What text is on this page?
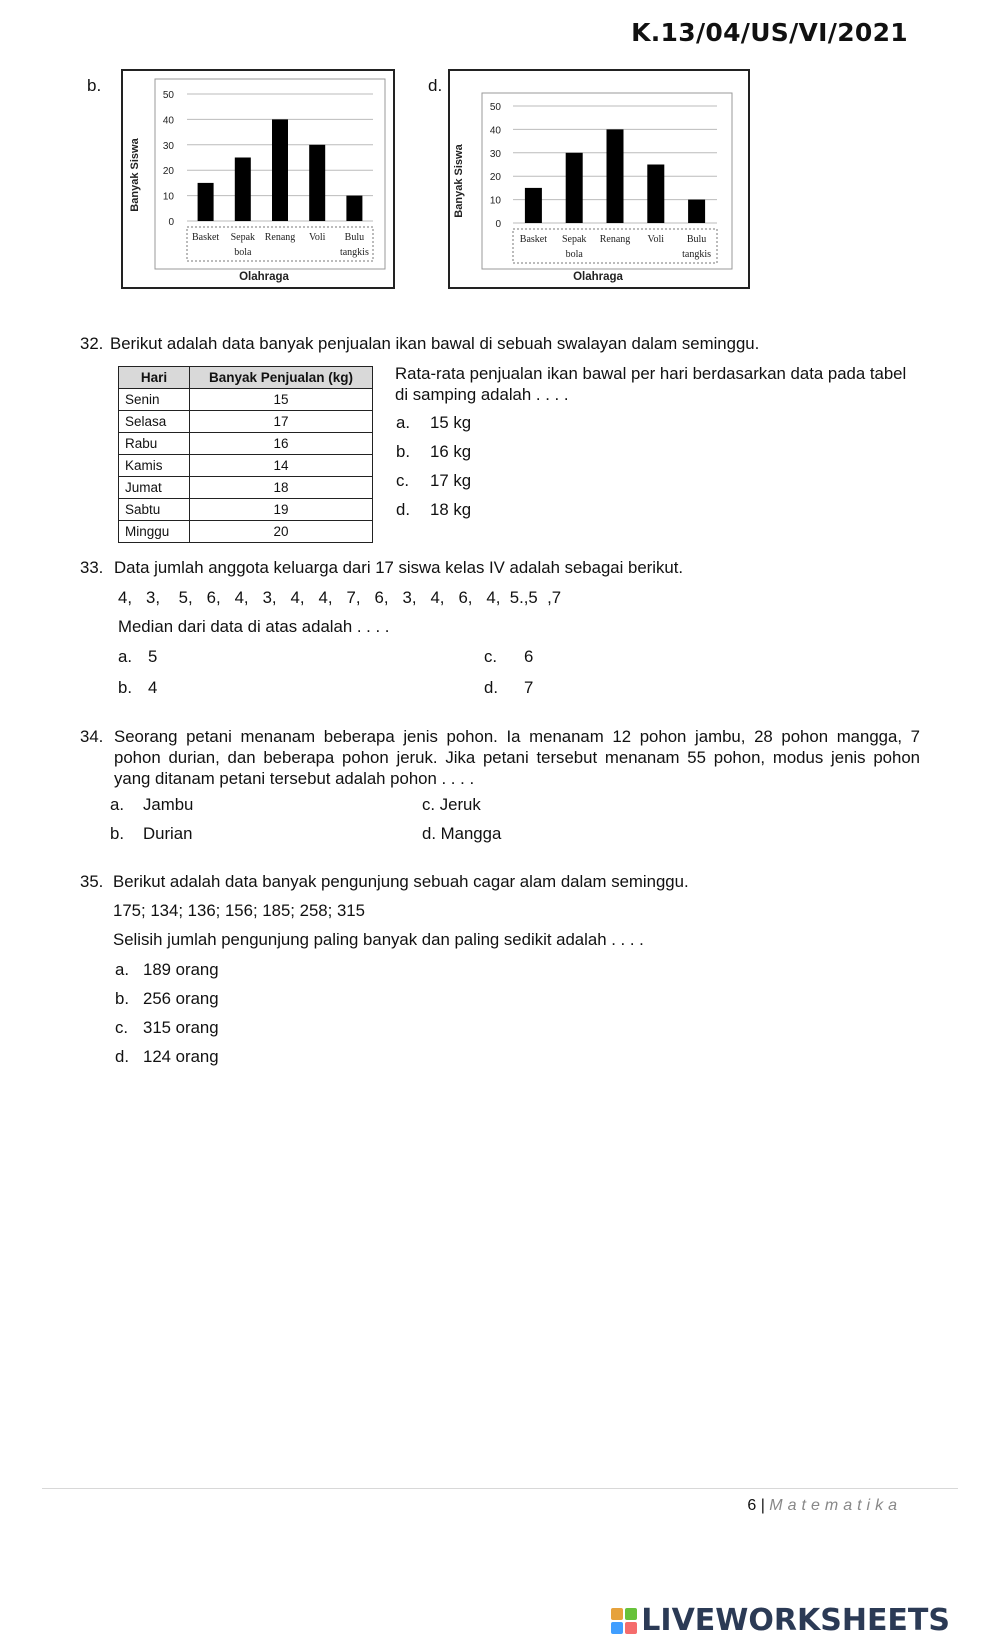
K.13/04/US/VI/2021
b.
0
10
20
30
40
50
Basket Sepak
bola
Renang Voli Bulu
tangkis
Banyak Siswa
Olahraga
d.
0
10
20
30
40
50
Basket Sepak
bola
Renang Voli Bulu
tangkis
Banyak Siswa
Olahraga
32. Berikut adalah data banyak penjualan ikan bawal di sebuah swalayan dalam seminggu.
Hari	Banyak Penjualan (kg)
Senin	15
Selasa	17
Rabu	16
Kamis	14
Jumat	18
Sabtu	19
Minggu	20
Rata-rata penjualan ikan bawal per hari berdasarkan data pada tabel
di samping adalah . . . .
a. 15 kg
b. 16 kg
c. 17 kg
d. 18 kg
33. Data jumlah anggota keluarga dari 17 siswa kelas IV adalah sebagai berikut.
4,   3,    5,   6,   4,   3,   4,   4,   7,   6,   3,   4,   6,   4,  5.,5  ,7
Median dari data di atas adalah . . . .
a. 5
b. 4
c. 6
d. 7
34. Seorang petani menanam beberapa jenis pohon. Ia menanam 12 pohon jambu, 28 pohon mangga, 7
pohon durian, dan beberapa pohon jeruk. Jika petani tersebut menanam 55 pohon, modus jenis pohon
yang ditanam petani tersebut adalah pohon . . . .
a. Jambu
b. Durian
c. Jeruk
d. Mangga
35. Berikut adalah data banyak pengunjung sebuah cagar alam dalam seminggu.
175; 134; 136; 156; 185; 258; 315
Selisih jumlah pengunjung paling banyak dan paling sedikit adalah . . . .
a. 189 orang
b. 256 orang
c. 315 orang
d. 124 orang
6 | Matematika
LIVEWORKSHEETS
